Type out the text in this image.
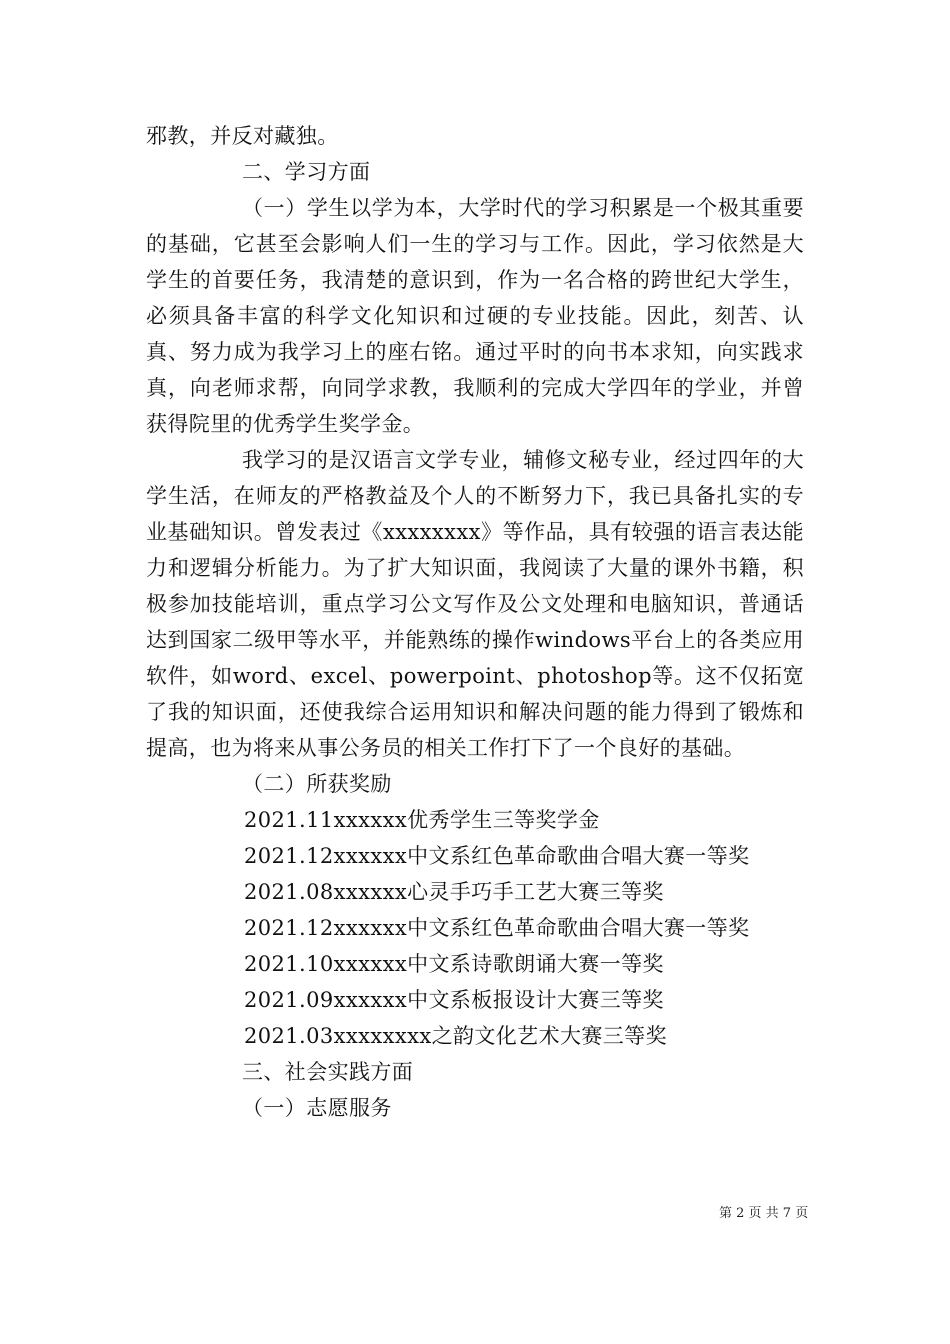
邪教，并反对藏独。
二、学习方面

（一）学生以学为本，大学时代的学习积累是一个极其重要的基础，它甚至会影响人们一生的学习与工作。因此，学习依然是大学生的首要任务，我清楚的意识到，作为一名合格的跨世纪大学生，必须具备丰富的科学文化知识和过硬的专业技能。因此，刻苦、认真、努力成为我学习上的座右铭。通过平时的向书本求知，向实践求真，向老师求帮，向同学求教，我顺利的完成大学四年的学业，并曾获得院里的优秀学生奖学金。

我学习的是汉语言文学专业，辅修文秘专业，经过四年的大学生活，在师友的严格教益及个人的不断努力下，我已具备扎实的专业基础知识。曾发表过《xxxxxxxx》等作品，具有较强的语言表达能力和逻辑分析能力。为了扩大知识面，我阅读了大量的课外书籍，积极参加技能培训，重点学习公文写作及公文处理和电脑知识，普通话达到国家二级甲等水平，并能熟练的操作windows平台上的各类应用软件，如word、excel、powerpoint、photoshop等。这不仅拓宽了我的知识面，还使我综合运用知识和解决问题的能力得到了锻炼和提高，也为将来从事公务员的相关工作打下了一个良好的基础。

（二）所获奖励
2021.11xxxxxx优秀学生三等奖学金
2021.12xxxxxx中文系红色革命歌曲合唱大赛一等奖
2021.08xxxxxx心灵手巧手工艺大赛三等奖
2021.12xxxxxx中文系红色革命歌曲合唱大赛一等奖
2021.10xxxxxx中文系诗歌朗诵大赛一等奖
2021.09xxxxxx中文系板报设计大赛三等奖
2021.03xxxxxxxx之韵文化艺术大赛三等奖
三、社会实践方面
（一）志愿服务
第 2 页 共 7 页
